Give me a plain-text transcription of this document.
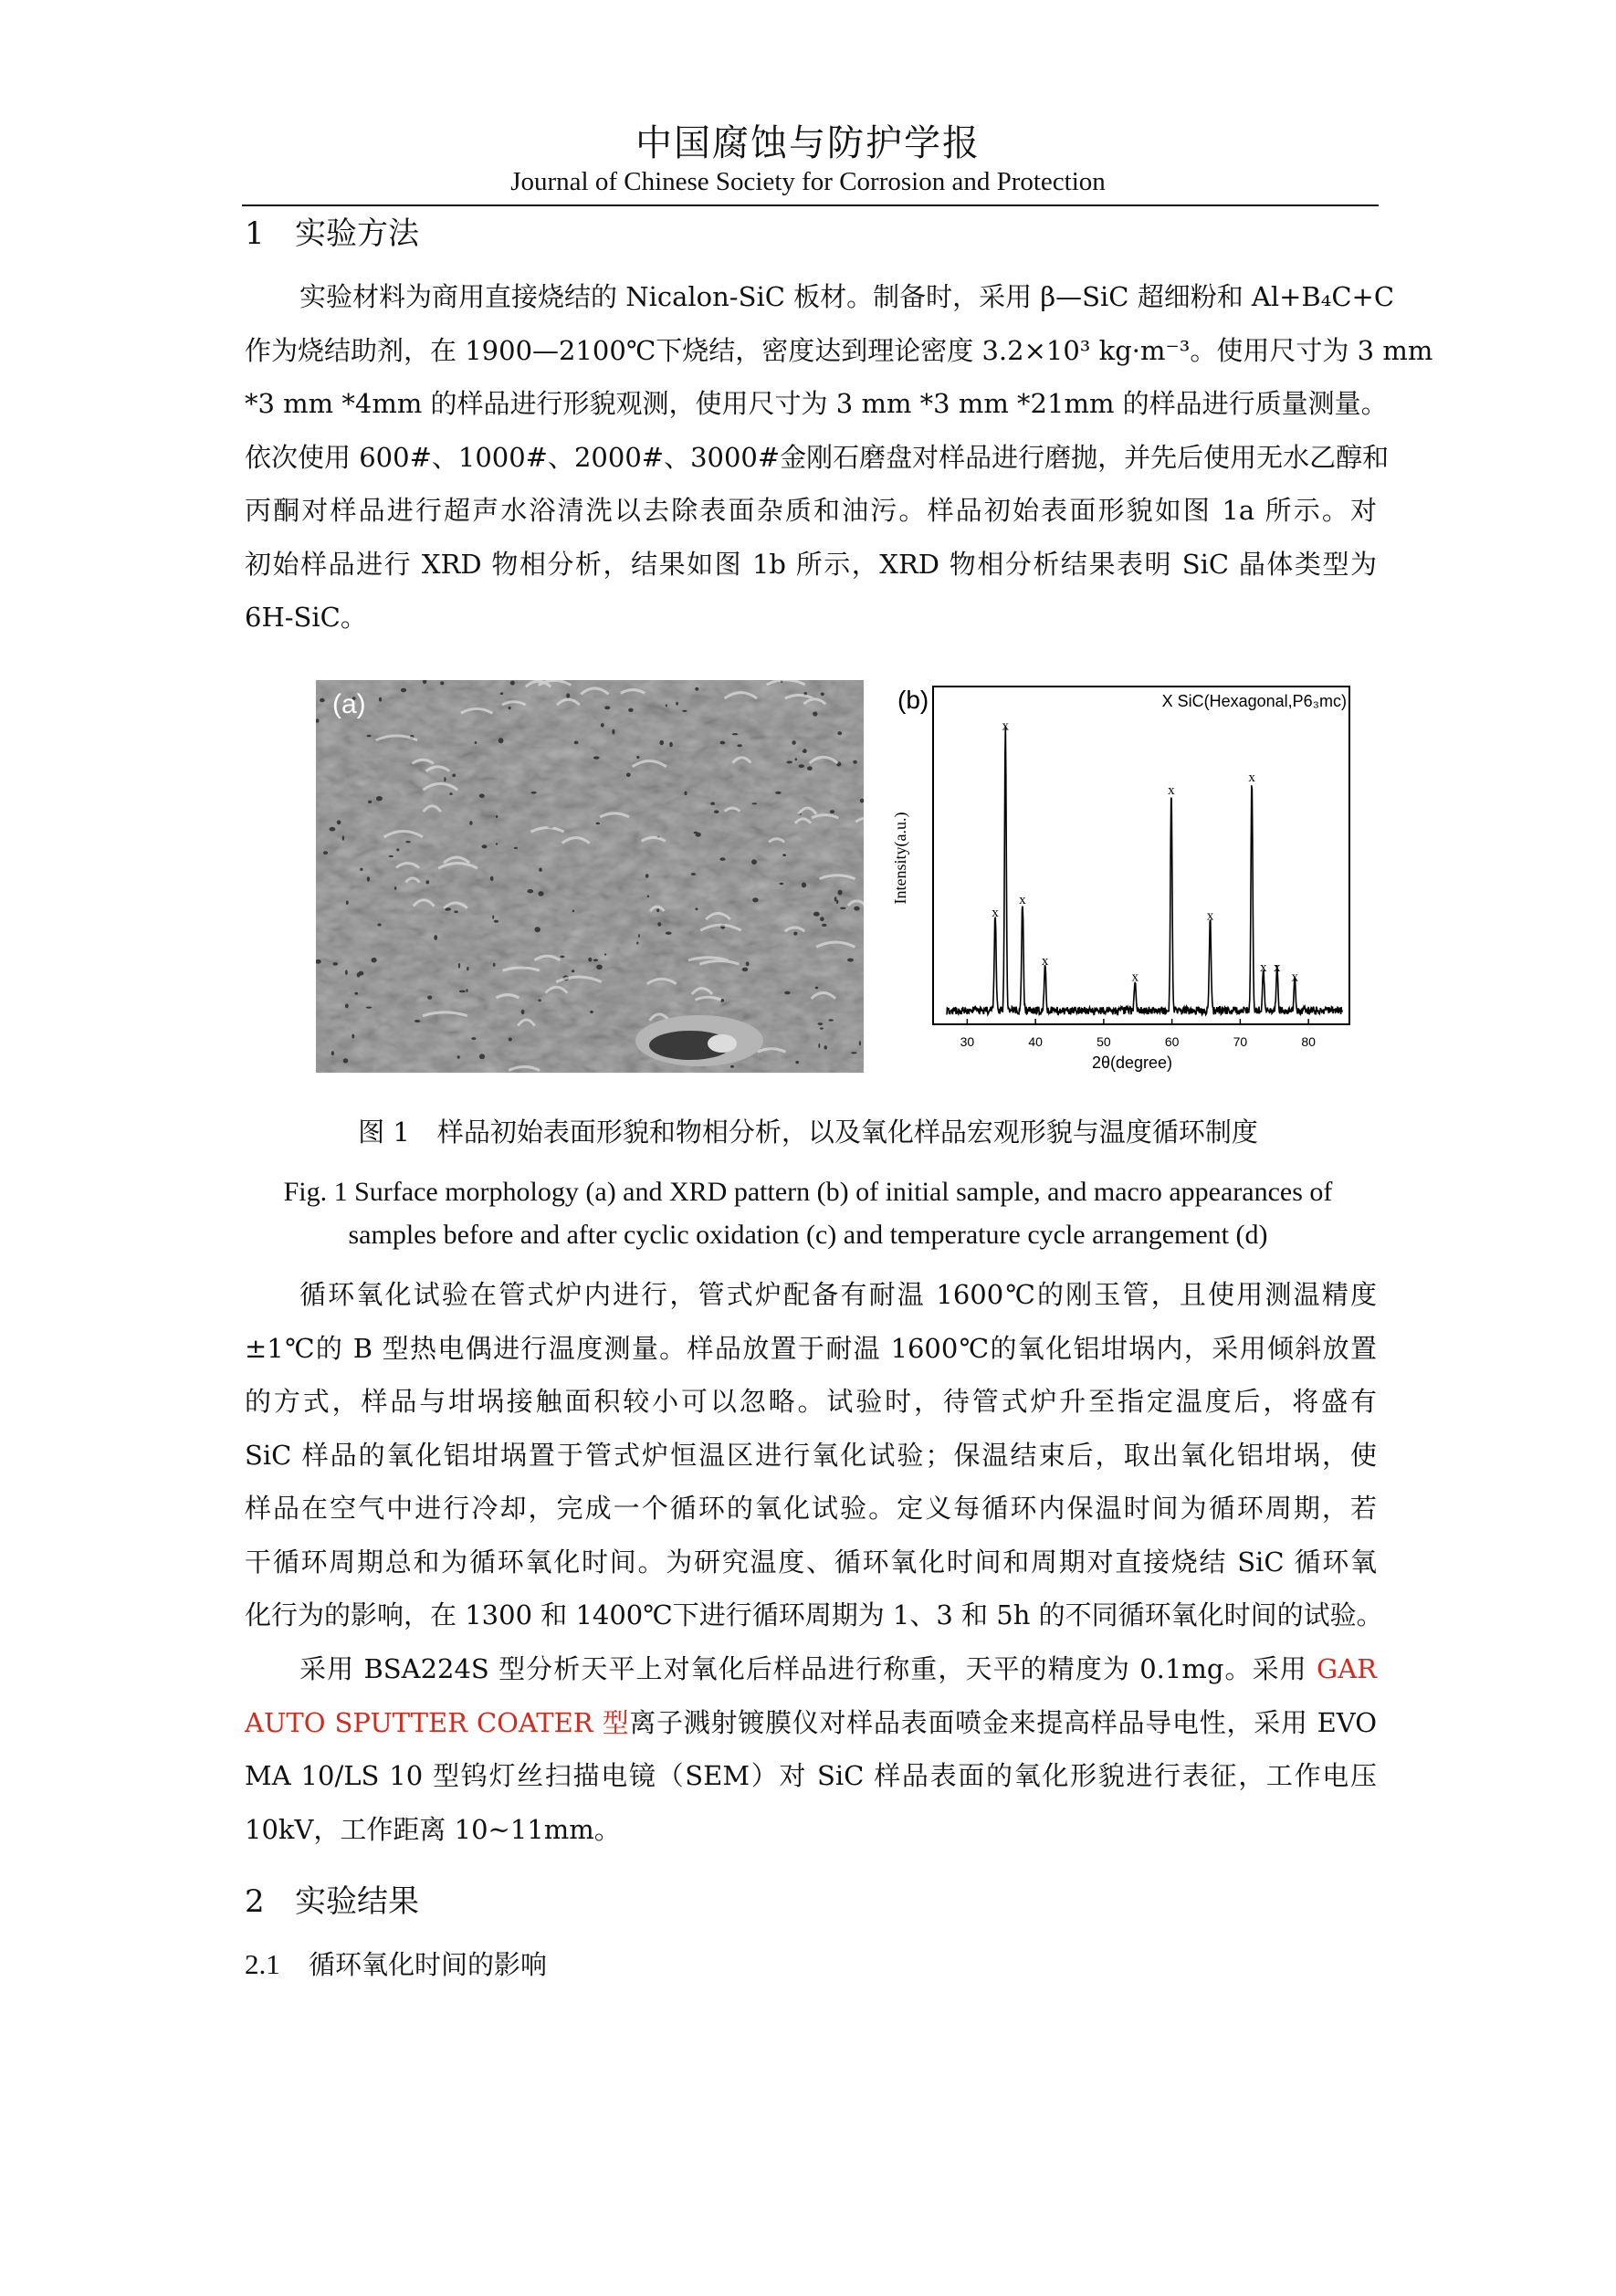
中国腐蚀与防护学报
Journal of Chinese Society for Corrosion and Protection
1 实验方法

实验材料为商用直接烧结的 Nicalon-SiC 板材。制备时，采用 β—SiC 超细粉和 Al+B₄C+C
作为烧结助剂，在 1900—2100℃下烧结，密度达到理论密度 3.2×10³ kg·m⁻³。使用尺寸为 3 mm
*3 mm *4mm 的样品进行形貌观测，使用尺寸为 3 mm *3 mm *21mm 的样品进行质量测量。
依次使用 600#、1000#、2000#、3000#金刚石磨盘对样品进行磨抛，并先后使用无水乙醇和
丙酮对样品进行超声水浴清洗以去除表面杂质和油污。样品初始表面形貌如图 1a 所示。对
初始样品进行 XRD 物相分析，结果如图 1b 所示，XRD 物相分析结果表明 SiC 晶体类型为
6H-SiC。

(a)	(b)	X SiC(Hexagonal,P6₃mc)
Intensity(a.u.)
2θ(degree)
30	40	50	60	70	80
x
x
x
x
x
x
x
x
x x
x
图 1 样品初始表面形貌和物相分析，以及氧化样品宏观形貌与温度循环制度
Fig. 1 Surface morphology (a) and XRD pattern (b) of initial sample, and macro appearances of
samples before and after cyclic oxidation (c) and temperature cycle arrangement (d)

循环氧化试验在管式炉内进行，管式炉配备有耐温 1600℃的刚玉管，且使用测温精度
±1℃的 B 型热电偶进行温度测量。样品放置于耐温 1600℃的氧化铝坩埚内，采用倾斜放置
的方式，样品与坩埚接触面积较小可以忽略。试验时，待管式炉升至指定温度后，将盛有
SiC 样品的氧化铝坩埚置于管式炉恒温区进行氧化试验；保温结束后，取出氧化铝坩埚，使
样品在空气中进行冷却，完成一个循环的氧化试验。定义每循环内保温时间为循环周期，若
干循环周期总和为循环氧化时间。为研究温度、循环氧化时间和周期对直接烧结 SiC 循环氧
化行为的影响，在 1300 和 1400℃下进行循环周期为 1、3 和 5h 的不同循环氧化时间的试验。

采用 BSA224S 型分析天平上对氧化后样品进行称重，天平的精度为 0.1mg。采用 GAR
AUTO SPUTTER COATER 型离子溅射镀膜仪对样品表面喷金来提高样品导电性，采用 EVO
MA 10/LS 10 型钨灯丝扫描电镜（SEM）对 SiC 样品表面的氧化形貌进行表征，工作电压
10kV，工作距离 10~11mm。

2 实验结果
2.1 循环氧化时间的影响
